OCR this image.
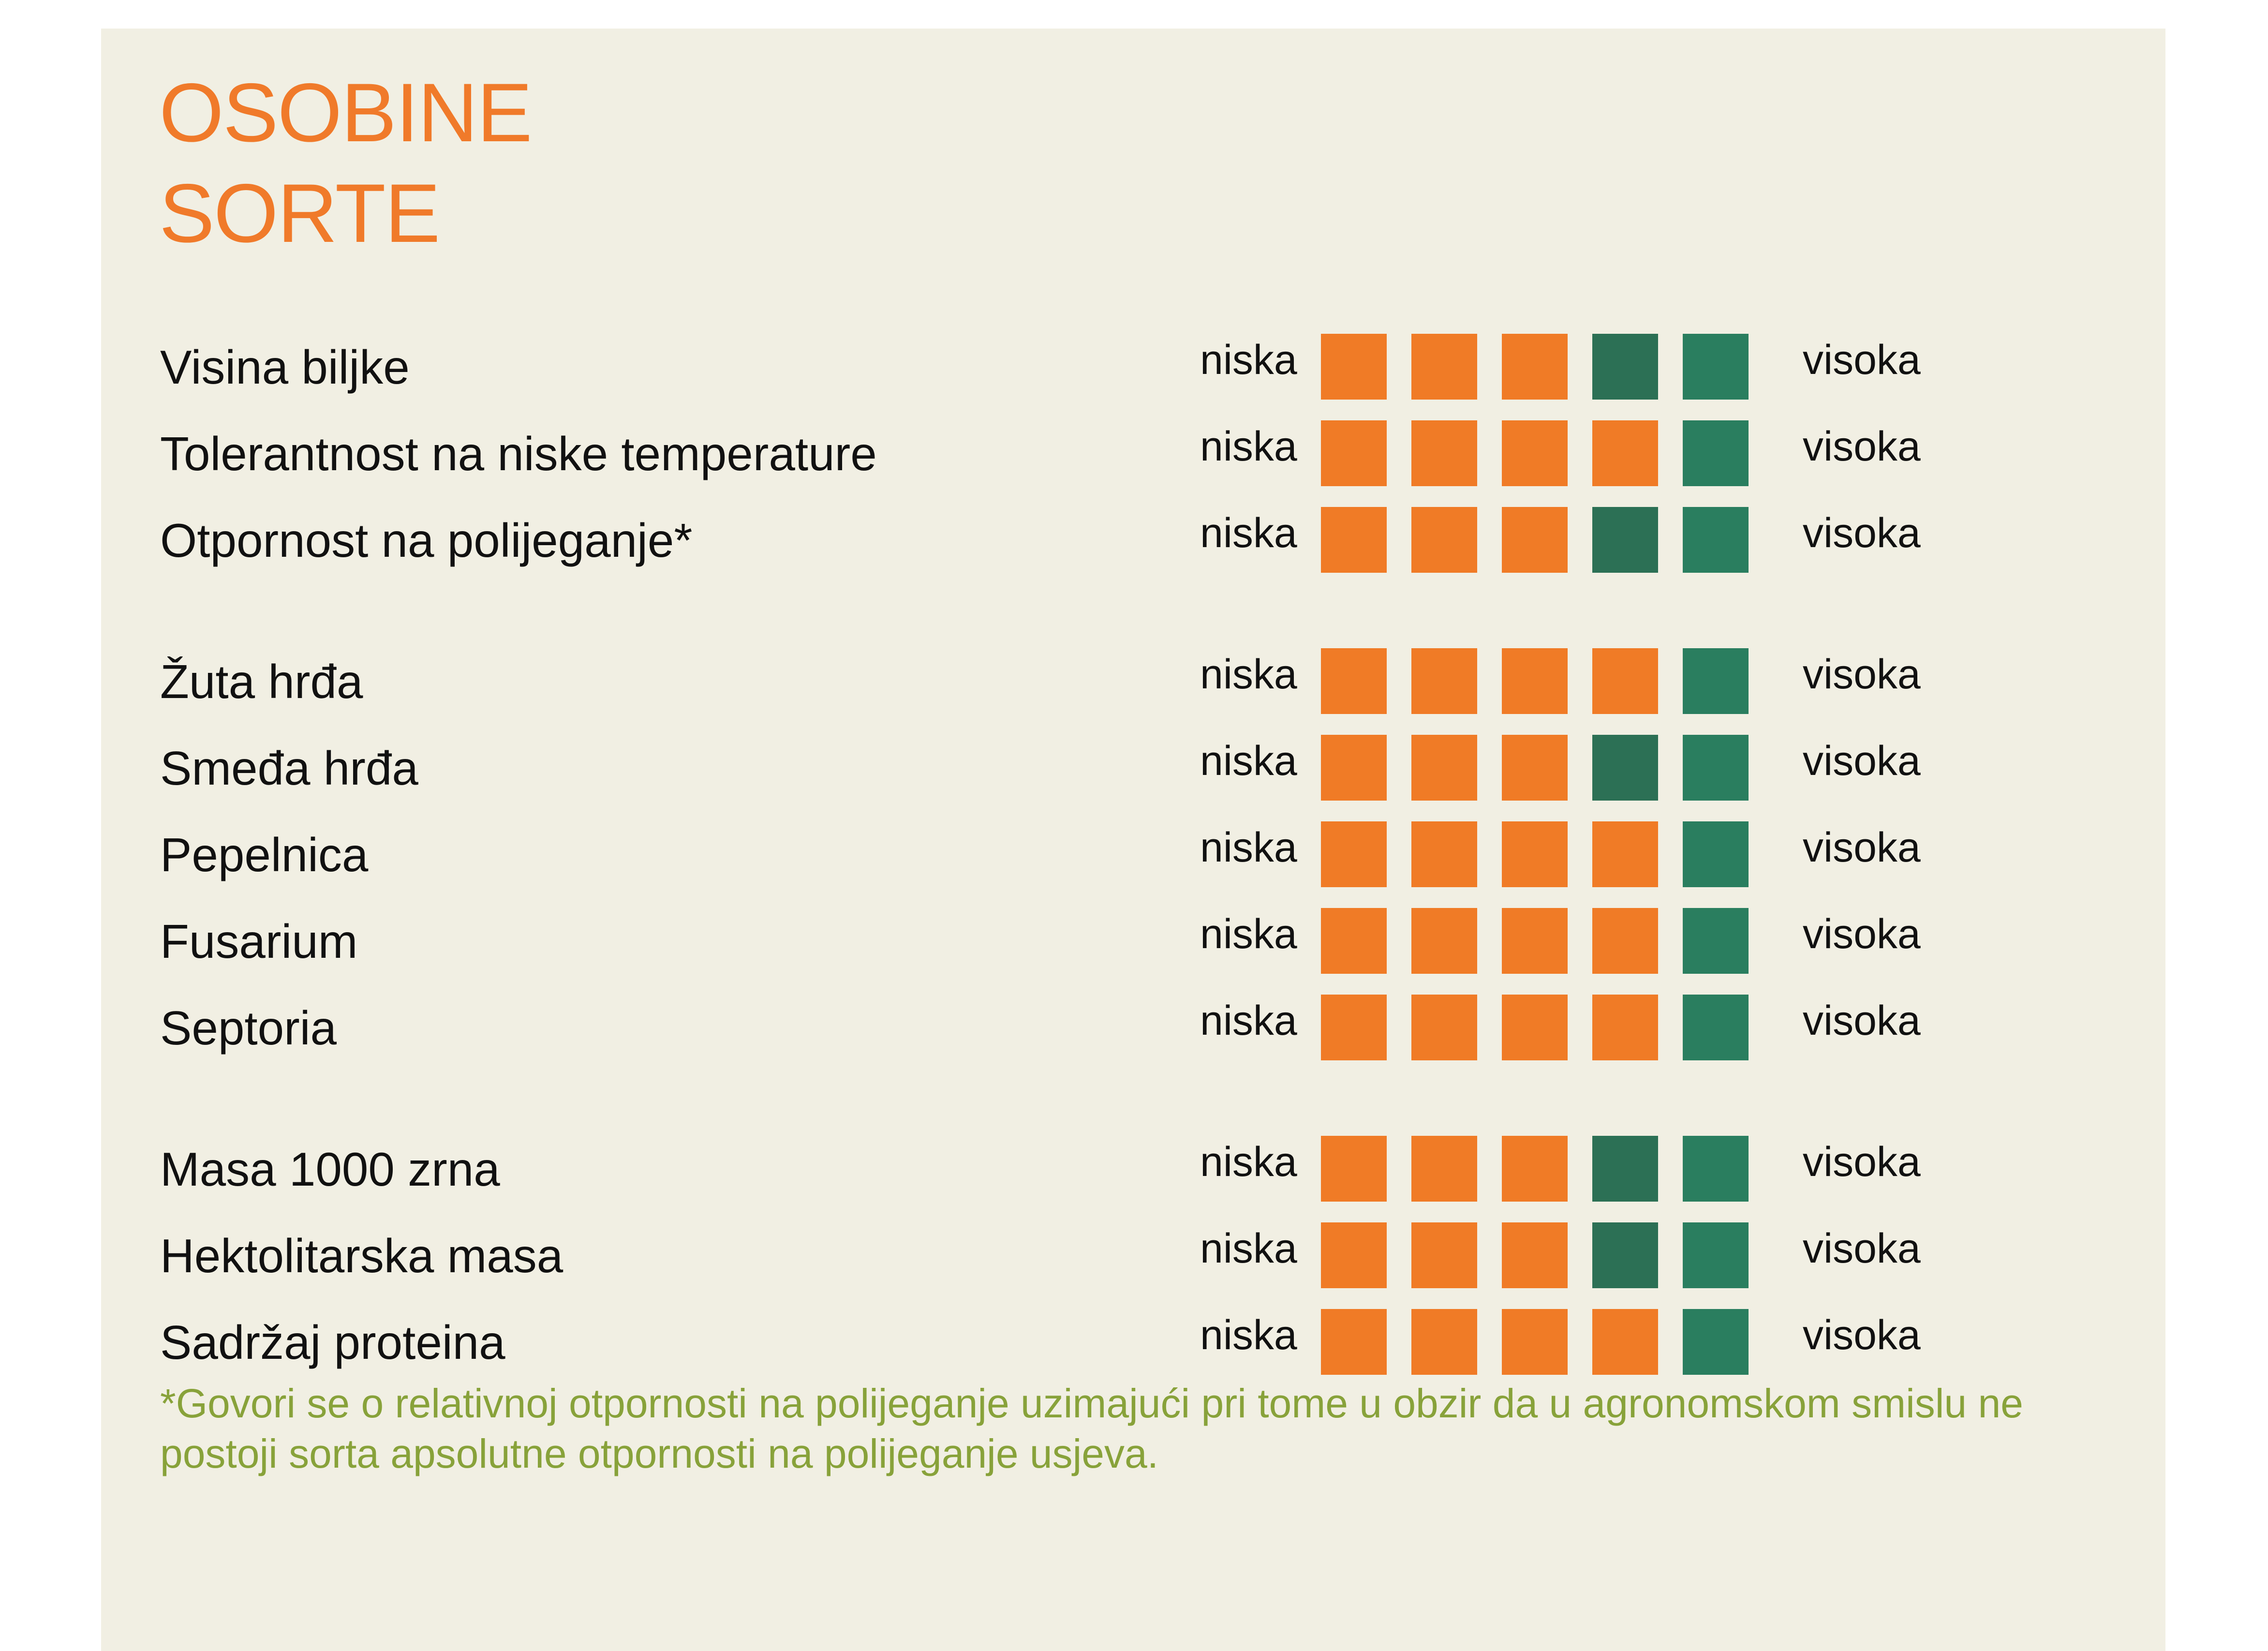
OSOBINE
SORTE
Visina biljke	niska	visoka
Tolerantnost na niske temperature	niska	visoka
Otpornost na polijeganje*	niska	visoka
Žuta hrđa	niska	visoka
Smeđa hrđa	niska	visoka
Pepelnica	niska	visoka
Fusarium	niska	visoka
Septoria	niska	visoka
Masa 1000 zrna	niska	visoka
Hektolitarska masa	niska	visoka
Sadržaj proteina	niska	visoka

*Govori se o relativnoj otpornosti na polijeganje uzimajući pri tome u obzir da u agronomskom smislu ne postoji sorta apsolutne otpornosti na polijeganje usjeva.
